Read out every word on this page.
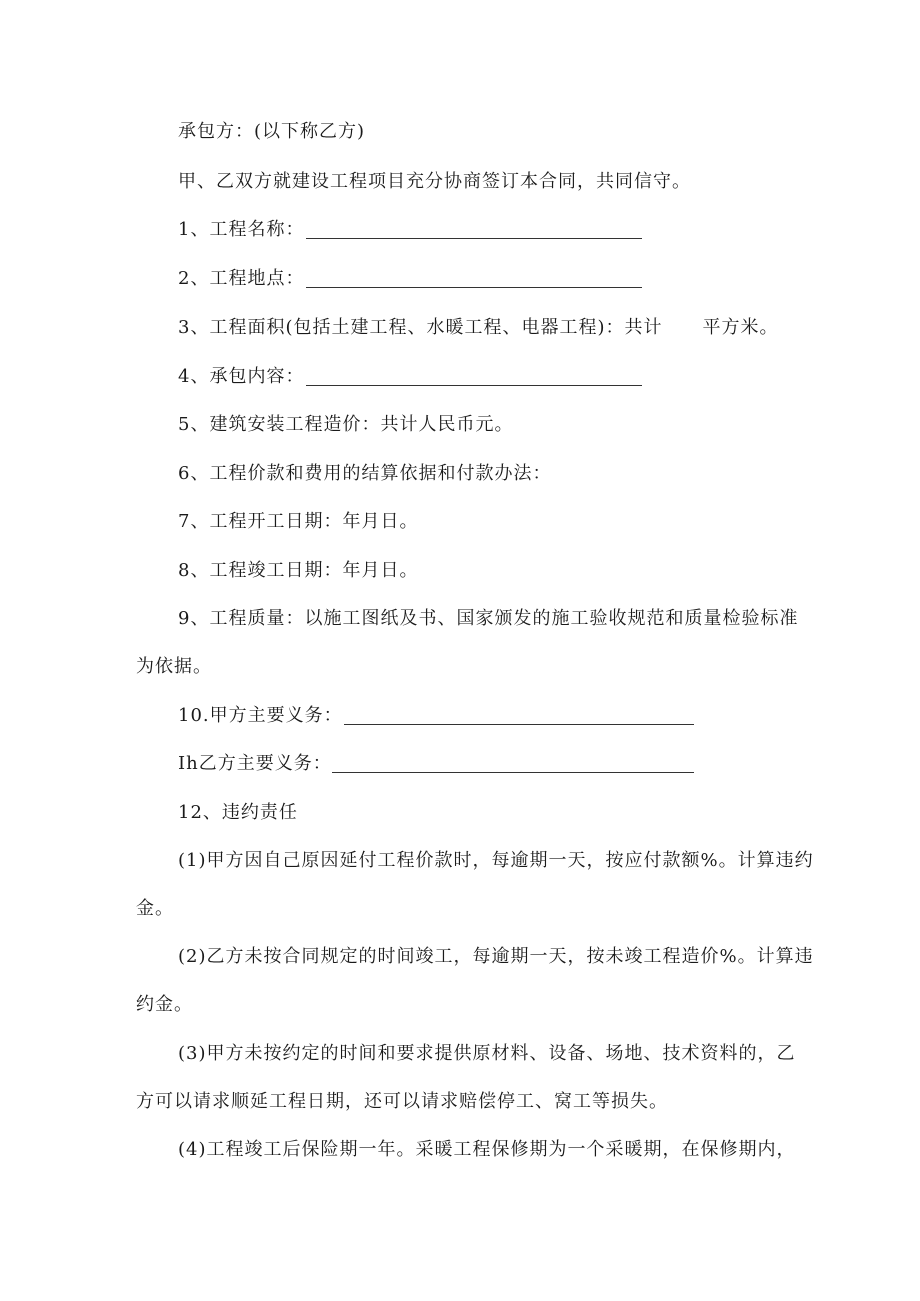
承包方：(以下称乙方)
甲、乙双方就建设工程项目充分协商签订本合同，共同信守。
1、工程名称：
2、工程地点：
3、工程面积(包括土建工程、水暖工程、电器工程)：共计 平方米。
4、承包内容：
5、建筑安装工程造价：共计人民币元。
6、工程价款和费用的结算依据和付款办法：
7、工程开工日期：年月日。
8、工程竣工日期：年月日。
9、工程质量：以施工图纸及书、国家颁发的施工验收规范和质量检验标准
为依据。
10.甲方主要义务：
Ih乙方主要义务：
12、违约责任
(1)甲方因自己原因延付工程价款时，每逾期一天，按应付款额%。计算违约
金。
(2)乙方未按合同规定的时间竣工，每逾期一天，按未竣工程造价%。计算违
约金。
(3)甲方未按约定的时间和要求提供原材料、设备、场地、技术资料的，乙
方可以请求顺延工程日期，还可以请求赔偿停工、窝工等损失。
(4)工程竣工后保险期一年。采暖工程保修期为一个采暖期，在保修期内，
